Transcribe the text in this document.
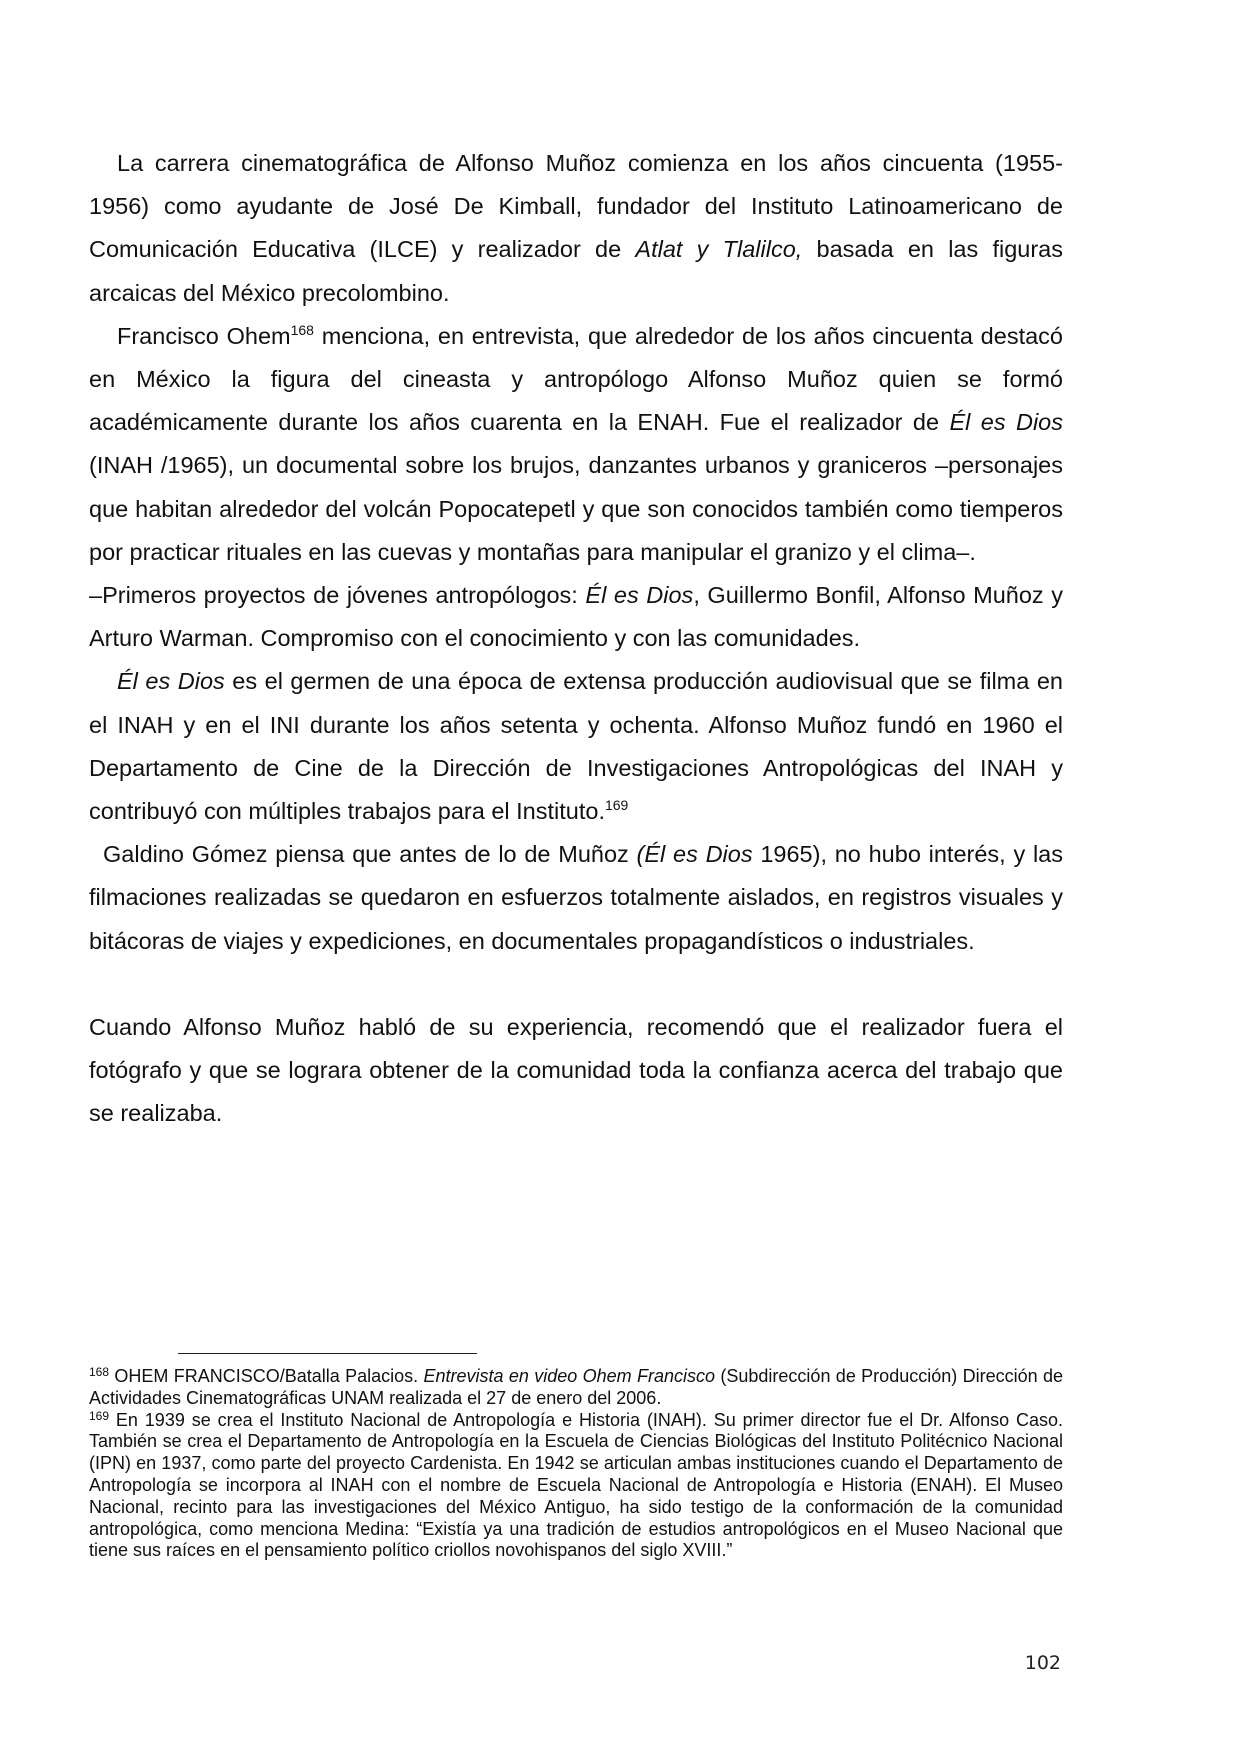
La carrera cinematográfica de Alfonso Muñoz comienza en los años cincuenta (1955-1956) como ayudante de José De Kimball, fundador del Instituto Latinoamericano de Comunicación Educativa (ILCE) y realizador de Atlat y Tlalilco, basada en las figuras arcaicas del México precolombino.

Francisco Ohem$^{168}$ menciona, en entrevista, que alrededor de los años cincuenta destacó en México la figura del cineasta y antropólogo Alfonso Muñoz quien se formó académicamente durante los años cuarenta en la ENAH. Fue el realizador de Él es Dios (INAH /1965), un documental sobre los brujos, danzantes urbanos y graniceros –personajes que habitan alrededor del volcán Popocatepetl y que son conocidos también como tiemperos por practicar rituales en las cuevas y montañas para manipular el granizo y el clima–.

–Primeros proyectos de jóvenes antropólogos: Él es Dios, Guillermo Bonfil, Alfonso Muñoz y Arturo Warman. Compromiso con el conocimiento y con las comunidades.

Él es Dios es el germen de una época de extensa producción audiovisual que se filma en el INAH y en el INI durante los años setenta y ochenta. Alfonso Muñoz fundó en 1960 el Departamento de Cine de la Dirección de Investigaciones Antropológicas del INAH y contribuyó con múltiples trabajos para el Instituto.$^{169}$

Galdino Gómez piensa que antes de lo de Muñoz (Él es Dios 1965), no hubo interés, y las filmaciones realizadas se quedaron en esfuerzos totalmente aislados, en registros visuales y bitácoras de viajes y expediciones, en documentales propagandísticos o industriales.

Cuando Alfonso Muñoz habló de su experiencia, recomendó que el realizador fuera el fotógrafo y que se lograra obtener de la comunidad toda la confianza acerca del trabajo que se realizaba.

$^{168}$ OHEM FRANCISCO/Batalla Palacios. Entrevista en video Ohem Francisco (Subdirección de Producción) Dirección de Actividades Cinematográficas UNAM realizada el 27 de enero del 2006.

$^{169}$ En 1939 se crea el Instituto Nacional de Antropología e Historia (INAH). Su primer director fue el Dr. Alfonso Caso. También se crea el Departamento de Antropología en la Escuela de Ciencias Biológicas del Instituto Politécnico Nacional (IPN) en 1937, como parte del proyecto Cardenista. En 1942 se articulan ambas instituciones cuando el Departamento de Antropología se incorpora al INAH con el nombre de Escuela Nacional de Antropología e Historia (ENAH). El Museo Nacional, recinto para las investigaciones del México Antiguo, ha sido testigo de la conformación de la comunidad antropológica, como menciona Medina: “Existía ya una tradición de estudios antropológicos en el Museo Nacional que tiene sus raíces en el pensamiento político criollos novohispanos del siglo XVIII.”

102
